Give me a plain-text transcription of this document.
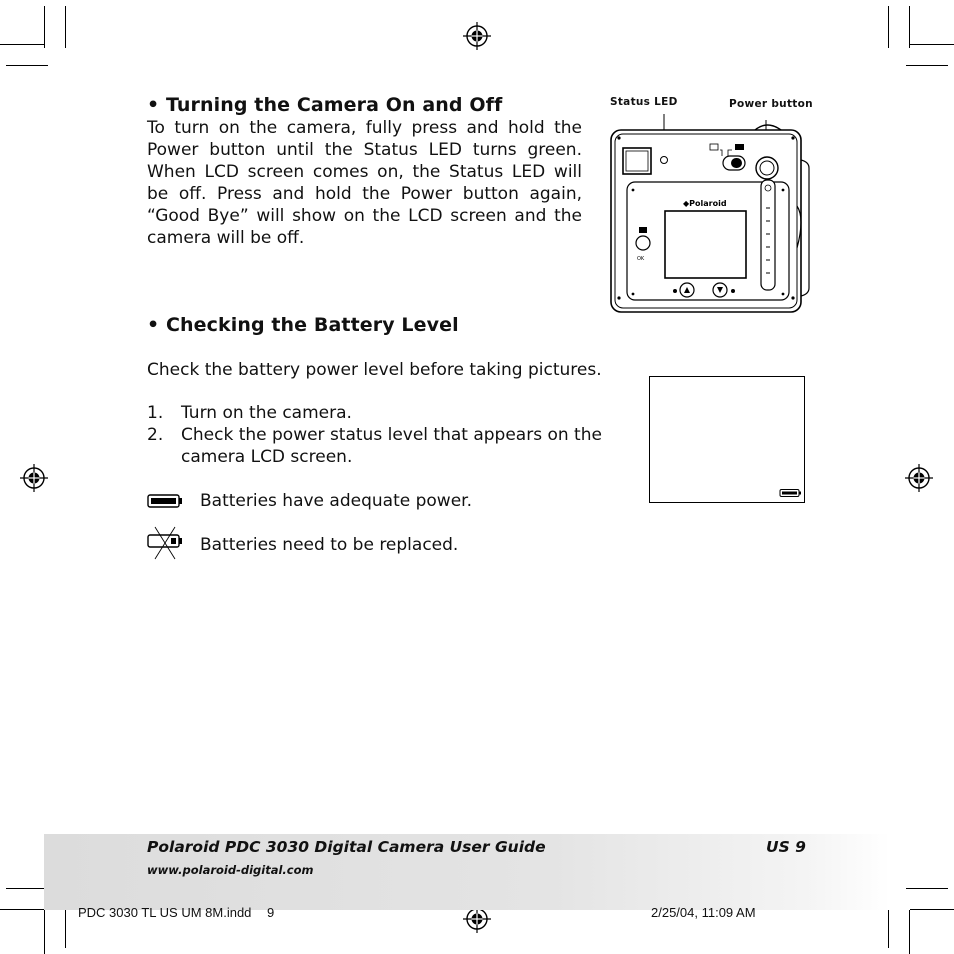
• Turning the Camera On and Off
To turn on the camera, fully press and hold the
Power button until the Status LED turns green.
When LCD screen comes on, the Status LED will
be off. Press and hold the Power button again,
“Good Bye” will show on the LCD screen and the
camera will be off.
Status LED	Power button
◆Polaroid
OK
• Checking the Battery Level
Check the battery power level before taking pictures.
1. Turn on the camera.
2. Check the power status level that appears on the
camera LCD screen.
Batteries have adequate power.
Batteries need to be replaced.
Polaroid PDC 3030 Digital Camera User Guide	US 9
www.polaroid-digital.com
PDC 3030 TL US UM 8M.indd 9	2/25/04, 11:09 AM
